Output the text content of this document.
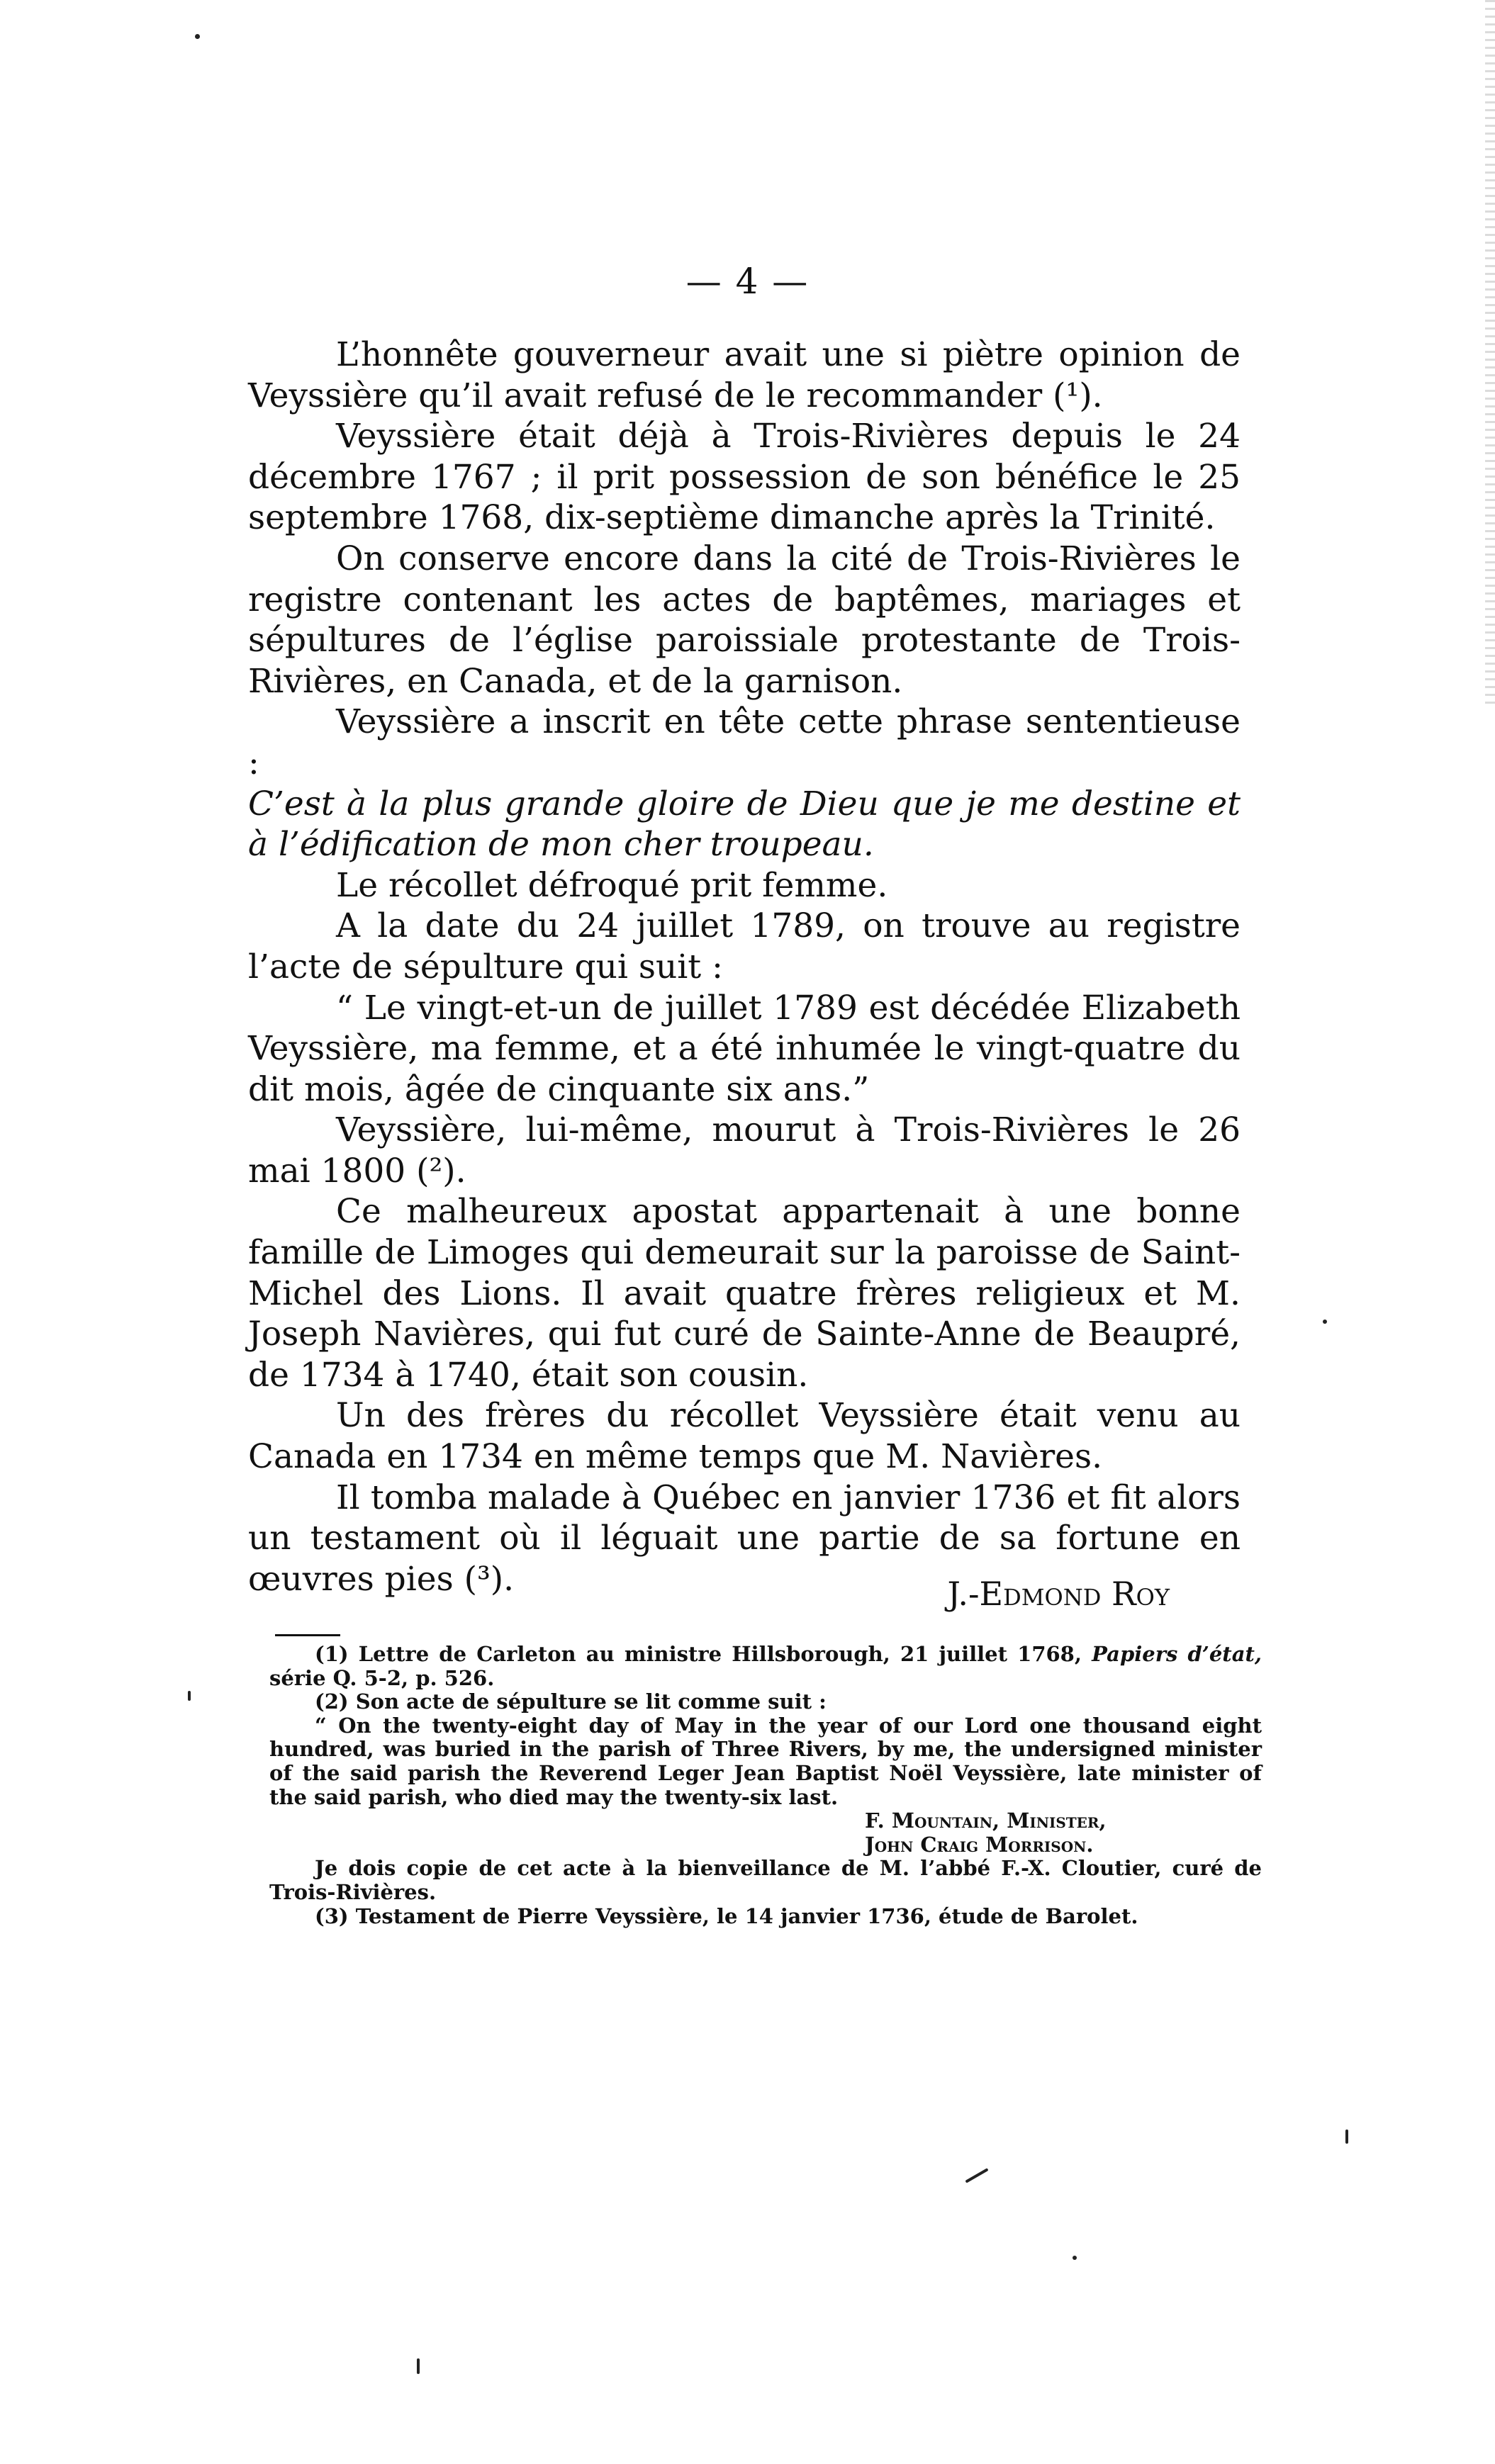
— 4 —

L’honnête gouverneur avait une si piètre opinion de Veyssière qu’il avait refusé de le recommander (¹).

Veyssière était déjà à Trois-Rivières depuis le 24 décembre 1767 ; il prit possession de son bénéfice le 25 septembre 1768, dix-septième dimanche après la Trinité.

On conserve encore dans la cité de Trois-Rivières le registre contenant les actes de baptêmes, mariages et sépultures de l’église paroissiale protestante de Trois-Rivières, en Canada, et de la garnison.

Veyssière a inscrit en tête cette phrase sententieuse :

C’est à la plus grande gloire de Dieu que je me destine et à l’édification de mon cher troupeau.

Le récollet défroqué prit femme.

A la date du 24 juillet 1789, on trouve au registre l’acte de sépulture qui suit :

“ Le vingt-et-un de juillet 1789 est décédée Elizabeth Veyssière, ma femme, et a été inhumée le vingt-quatre du dit mois, âgée de cinquante six ans.”

Veyssière, lui-même, mourut à Trois-Rivières le 26 mai 1800 (²).

Ce malheureux apostat appartenait à une bonne famille de Limoges qui demeurait sur la paroisse de Saint-Michel des Lions. Il avait quatre frères religieux et M. Joseph Navières, qui fut curé de Sainte-Anne de Beaupré, de 1734 à 1740, était son cousin.

Un des frères du récollet Veyssière était venu au Canada en 1734 en même temps que M. Navières.

Il tomba malade à Québec en janvier 1736 et fit alors un testament où il léguait une partie de sa fortune en œuvres pies (³).	J.-Edmond Roy

(1) Lettre de Carleton au ministre Hillsborough, 21 juillet 1768, Papiers d’état, série Q. 5-2, p. 526.

(2) Son acte de sépulture se lit comme suit :

“ On the twenty-eight day of May in the year of our Lord one thousand eight hundred, was buried in the parish of Three Rivers, by me, the undersigned minister of the said parish the Reverend Leger Jean Baptist Noël Veyssière, late minister of the said parish, who died may the twenty-six last.

F. Mountain, Minister,

John Craig Morrison.

Je dois copie de cet acte à la bienveillance de M. l’abbé F.-X. Cloutier, curé de Trois-Rivières.

(3) Testament de Pierre Veyssière, le 14 janvier 1736, étude de Barolet.
